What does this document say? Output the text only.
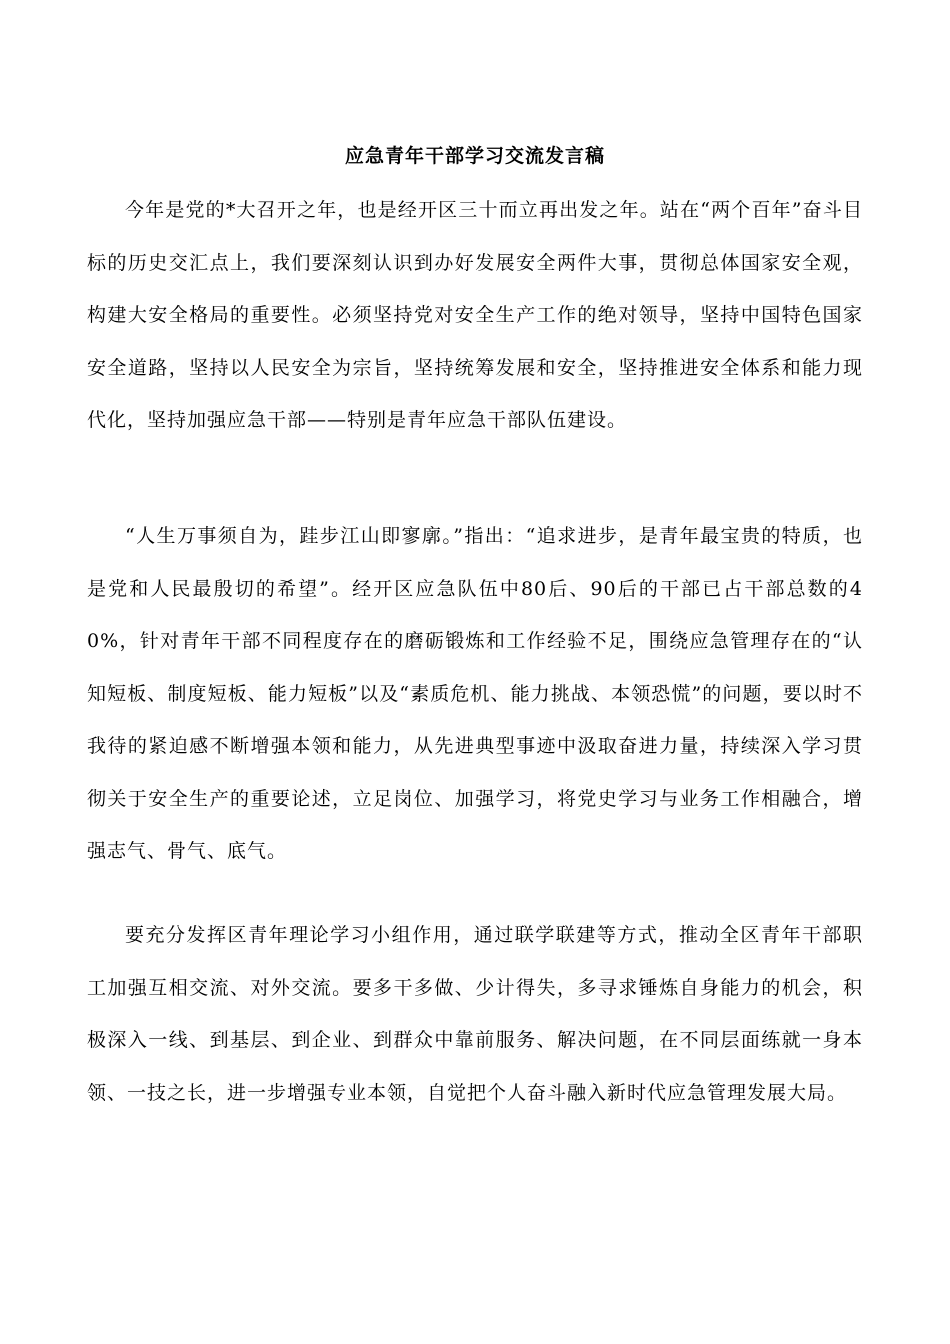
应急青年干部学习交流发言稿

今年是党的*大召开之年，也是经开区三十而立再出发之年。站在“两个百年”奋斗目标的历史交汇点上，我们要深刻认识到办好发展安全两件大事，贯彻总体国家安全观，构建大安全格局的重要性。必须坚持党对安全生产工作的绝对领导，坚持中国特色国家安全道路，坚持以人民安全为宗旨，坚持统筹发展和安全，坚持推进安全体系和能力现代化，坚持加强应急干部——特别是青年应急干部队伍建设。

“人生万事须自为，跬步江山即寥廓。”指出：“追求进步，是青年最宝贵的特质，也是党和人民最殷切的希望”。经开区应急队伍中80后、90后的干部已占干部总数的40%，针对青年干部不同程度存在的磨砺锻炼和工作经验不足，围绕应急管理存在的“认知短板、制度短板、能力短板”以及“素质危机、能力挑战、本领恐慌”的问题，要以时不我待的紧迫感不断增强本领和能力，从先进典型事迹中汲取奋进力量，持续深入学习贯彻关于安全生产的重要论述，立足岗位、加强学习，将党史学习与业务工作相融合，增强志气、骨气、底气。

要充分发挥区青年理论学习小组作用，通过联学联建等方式，推动全区青年干部职工加强互相交流、对外交流。要多干多做、少计得失，多寻求锤炼自身能力的机会，积极深入一线、到基层、到企业、到群众中靠前服务、解决问题，在不同层面练就一身本领、一技之长，进一步增强专业本领，自觉把个人奋斗融入新时代应急管理发展大局。
